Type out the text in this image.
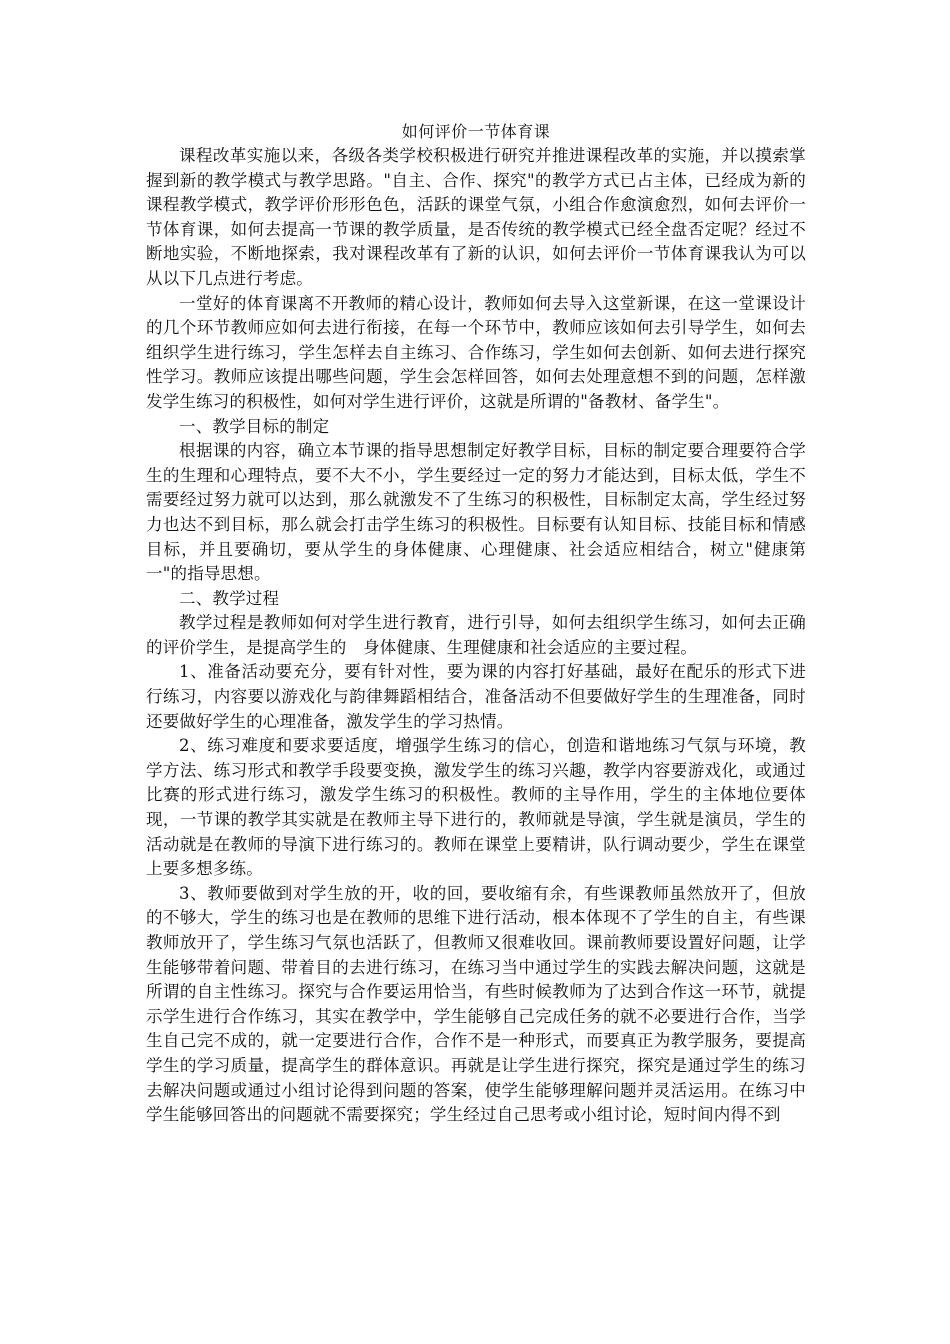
如何评价一节体育课

课程改革实施以来，各级各类学校积极进行研究并推进课程改革的实施，并以摸索掌握到新的教学模式与教学思路。"自主、合作、探究"的教学方式已占主体，已经成为新的课程教学模式，教学评价形形色色，活跃的课堂气氛，小组合作愈演愈烈，如何去评价一节体育课，如何去提高一节课的教学质量，是否传统的教学模式已经全盘否定呢？经过不断地实验，不断地探索，我对课程改革有了新的认识，如何去评价一节体育课我认为可以从以下几点进行考虑。

一堂好的体育课离不开教师的精心设计，教师如何去导入这堂新课，在这一堂课设计的几个环节教师应如何去进行衔接，在每一个环节中，教师应该如何去引导学生，如何去组织学生进行练习，学生怎样去自主练习、合作练习，学生如何去创新、如何去进行探究性学习。教师应该提出哪些问题，学生会怎样回答，如何去处理意想不到的问题，怎样激发学生练习的积极性，如何对学生进行评价，这就是所谓的"备教材、备学生"。

一、教学目标的制定

根据课的内容，确立本节课的指导思想制定好教学目标，目标的制定要合理要符合学生的生理和心理特点，要不大不小，学生要经过一定的努力才能达到，目标太低，学生不需要经过努力就可以达到，那么就激发不了生练习的积极性，目标制定太高，学生经过努力也达不到目标，那么就会打击学生练习的积极性。目标要有认知目标、技能目标和情感目标，并且要确切，要从学生的身体健康、心理健康、社会适应相结合，树立"健康第一"的指导思想。

二、教学过程

教学过程是教师如何对学生进行教育，进行引导，如何去组织学生练习，如何去正确的评价学生，是提高学生的　身体健康、生理健康和社会适应的主要过程。

1、准备活动要充分，要有针对性，要为课的内容打好基础，最好在配乐的形式下进行练习，内容要以游戏化与韵律舞蹈相结合，准备活动不但要做好学生的生理准备，同时还要做好学生的心理准备，激发学生的学习热情。

2、练习难度和要求要适度，增强学生练习的信心，创造和谐地练习气氛与环境，教学方法、练习形式和教学手段要变换，激发学生的练习兴趣，教学内容要游戏化，或通过比赛的形式进行练习，激发学生练习的积极性。教师的主导作用，学生的主体地位要体现，一节课的教学其实就是在教师主导下进行的，教师就是导演，学生就是演员，学生的活动就是在教师的导演下进行练习的。教师在课堂上要精讲，队行调动要少，学生在课堂上要多想多练。

3、教师要做到对学生放的开，收的回，要收缩有余，有些课教师虽然放开了，但放的不够大，学生的练习也是在教师的思维下进行活动，根本体现不了学生的自主，有些课教师放开了，学生练习气氛也活跃了，但教师又很难收回。课前教师要设置好问题，让学生能够带着问题、带着目的去进行练习，在练习当中通过学生的实践去解决问题，这就是所谓的自主性练习。探究与合作要运用恰当，有些时候教师为了达到合作这一环节，就提示学生进行合作练习，其实在教学中，学生能够自己完成任务的就不必要进行合作，当学生自己完不成的，就一定要进行合作，合作不是一种形式，而要真正为教学服务，要提高学生的学习质量，提高学生的群体意识。再就是让学生进行探究，探究是通过学生的练习去解决问题或通过小组讨论得到问题的答案，使学生能够理解问题并灵活运用。在练习中学生能够回答出的问题就不需要探究；学生经过自己思考或小组讨论，短时间内得不到
